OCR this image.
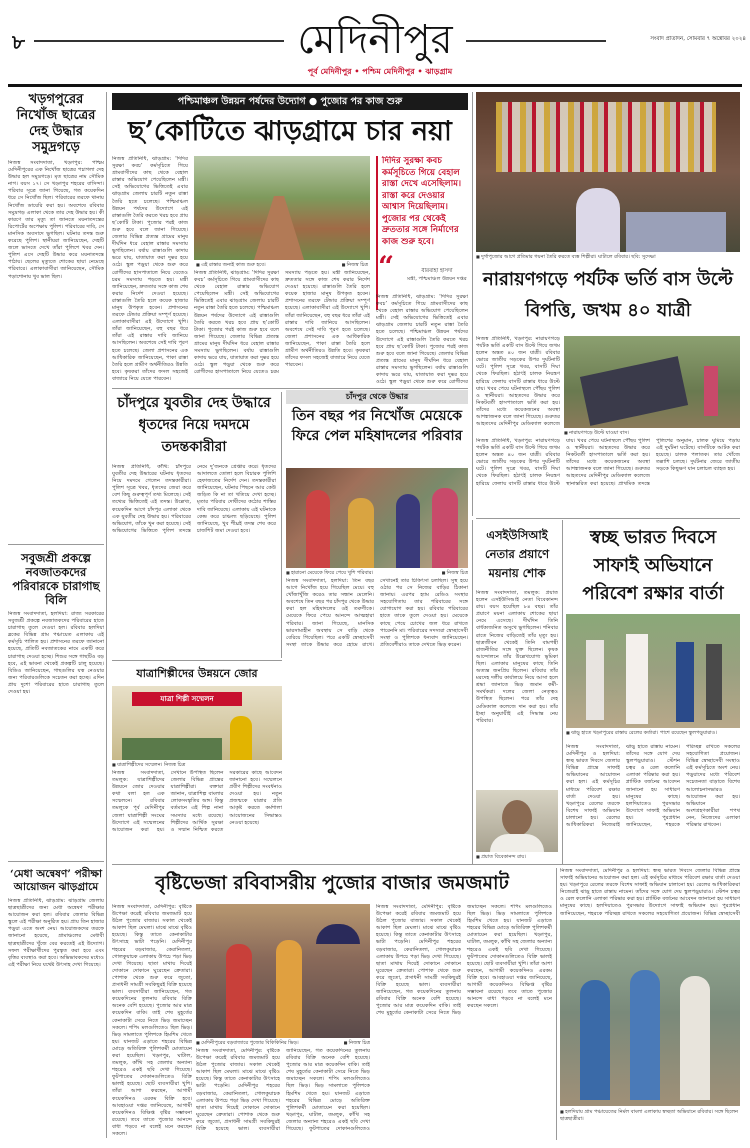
৮	মেদিনীপুর	সংবাদ প্রতিদিন, সোমবার ৭ অক্টোবর ২০২৪
পূর্ব মেদিনীপুর • পশ্চিম মেদিনীপুর • ঝাড়গ্রাম
খড়গপুরের নিখোঁজ ছাত্রের দেহ উদ্ধার সমুদ্রগড়ে
নিজস্ব সংবাদদাতা, খড়্গপুর: পশ্চিম মেদিনীপুরের এক নিখোঁজ ছাত্রের পচাগলা দেহ উদ্ধার হল সমুদ্রগড়ে। মৃত ছাত্রের নাম সৌমিক নাগ। বয়স ১৭। সে খড়্গপুর শহরের বাসিন্দা। পরিবার সূত্রে জানা গিয়েছে, গত কয়েকদিন ধরে সে নিখোঁজ ছিল। পরিবারের তরফে থানায় নিখোঁজ ডায়েরি করা হয়। অবশেষে রবিবার সমুদ্রগড় এলাকা থেকে তার দেহ উদ্ধার হয়। কী কারণে তার মৃত্যু তা জানতে ময়নাতদন্তের রিপোর্টের অপেক্ষায় পুলিশ। পরিবারের দাবি, সে মানসিক অবসাদে ভুগছিল। ঘটনার তদন্ত শুরু করেছে পুলিশ। স্থানীয়রা জানিয়েছেন, দেহটি জলে ভাসতে দেখে তাঁরা পুলিশে খবর দেন। পুলিশ এসে দেহটি উদ্ধার করে ময়নাতদন্তে পাঠায়। ছেলের মৃত্যুতে শোকের ছায়া নেমেছে পরিবারে। এলাকাবাসীরা জানিয়েছেন, সৌমিক পড়াশোনায় খুব ভাল ছিল।
সবুজশ্রী প্রকল্পে নবজাতকদের পরিবারকে চারাগাছ বিলি
নিজস্ব সংবাদদাতা, হলদিয়া: রাজ্য সরকারের সবুজশ্রী প্রকল্পে নবজাতকদের পরিবারের হাতে চারাগাছ তুলে দেওয়া হল। রবিবার হলদিয়া ব্লকের বিভিন্ন গ্রাম পঞ্চায়েত এলাকায় এই কর্মসূচি পালিত হয়। প্রশাসনের তরফে জানানো হয়েছে, প্রতিটি নবজাতকের নামে একটি করে চারাগাছ দেওয়া হচ্ছে। শিশুর সঙ্গে গাছটিও বড় হবে, এই ভাবনা থেকেই প্রকল্পটি চালু হয়েছে। বিডিও জানিয়েছেন, গাছগুলির যত্ন নেওয়ার জন্য পরিবারগুলিকে সচেতন করা হচ্ছে। এদিন প্রায় দুশো পরিবারের হাতে চারাগাছ তুলে দেওয়া হয়।
‘মেধা অন্বেষণ’ পরীক্ষা আয়োজন ঝাড়গ্রামে
নিজস্ব প্রতিনিধি, ঝাড়গ্রাম: ঝাড়গ্রাম জেলায় ছাত্রছাত্রীদের জন্য মেধা অন্বেষণ পরীক্ষার আয়োজন করা হল। রবিবার জেলার বিভিন্ন স্কুলে এই পরীক্ষা অনুষ্ঠিত হয়। প্রায় তিন হাজার পড়ুয়া এতে অংশ নেয়। আয়োজকদের তরফে জানানো হয়েছে, গ্রামাঞ্চলের মেধাবী ছাত্রছাত্রীদের খুঁজে বের করতেই এই উদ্যোগ। সফল পরীক্ষার্থীদের পুরস্কৃত করা হবে এবং বৃত্তির ব্যবস্থাও করা হবে। অভিভাবকদের মধ্যেও এই পরীক্ষা নিয়ে যথেষ্ট উৎসাহ দেখা গিয়েছে।
পশ্চিমাঞ্চল উন্নয়ন পর্ষদের উদ্যোগ ● পুজোর পর কাজ শুরু
ছ’কোটিতে ঝাড়গ্রামে চার নয়া
নিজস্ব প্রতিনিধি, ঝাড়গ্রাম: ‘দিদির সুরক্ষা কবচ’ কর্মসূচিতে গিয়ে গ্রামবাসীদের কাছ থেকে বেহাল রাস্তার অভিযোগ পেয়েছিলেন মন্ত্রী। সেই অভিযোগের ভিত্তিতেই এবার ঝাড়গ্রাম জেলায় চারটি নতুন রাস্তা তৈরি হতে চলেছে। পশ্চিমাঞ্চল উন্নয়ন পর্ষদের উদ্যোগে এই রাস্তাগুলি তৈরি করতে খরচ হবে প্রায় ছ’কোটি টাকা। পুজোর পরই কাজ শুরু হবে বলে জানা গিয়েছে। জেলার বিভিন্ন প্রত্যন্ত গ্রামের মানুষ দীর্ঘদিন ধরে বেহাল রাস্তার সমস্যায় ভুগছিলেন। বর্ষায় রাস্তাগুলি কাদায় ভরে যায়, যাতায়াত করা দুষ্কর হয়ে ওঠে। স্কুল পড়ুয়া থেকে শুরু করে রোগীদের হাসপাতালে নিয়ে যেতেও চরম সমস্যায় পড়তে হয়। মন্ত্রী জানিয়েছেন, দ্রুততার সঙ্গে কাজ শেষ করার নির্দেশ দেওয়া হয়েছে। রাস্তাগুলি তৈরি হলে কয়েক হাজার মানুষ উপকৃত হবেন। প্রশাসনের তরফে টেন্ডার প্রক্রিয়া সম্পূর্ণ হয়েছে। এলাকাবাসীরা এই উদ্যোগে খুশি। তাঁরা জানিয়েছেন, বহু বছর ধরে তাঁরা এই রাস্তার দাবি জানিয়ে আসছিলেন। অবশেষে সেই দাবি পূরণ হতে চলেছে। জেলা প্রশাসনের এক আধিকারিক জানিয়েছেন, পাকা রাস্তা তৈরি হলে গ্রামীণ অর্থনীতিরও উন্নতি হবে। কৃষকরা তাঁদের ফসল সহজেই বাজারে নিয়ে যেতে পারবেন।
■ এই রাস্তার জন্যই কাজ শুরু হবে।	■ নিজস্ব চিত্র
নিজস্ব প্রতিনিধি, ঝাড়গ্রাম: ‘দিদির সুরক্ষা কবচ’ কর্মসূচিতে গিয়ে গ্রামবাসীদের কাছ থেকে বেহাল রাস্তার অভিযোগ পেয়েছিলেন মন্ত্রী। সেই অভিযোগের ভিত্তিতেই এবার ঝাড়গ্রাম জেলায় চারটি নতুন রাস্তা তৈরি হতে চলেছে। পশ্চিমাঞ্চল উন্নয়ন পর্ষদের উদ্যোগে এই রাস্তাগুলি তৈরি করতে খরচ হবে প্রায় ছ’কোটি টাকা। পুজোর পরই কাজ শুরু হবে বলে জানা গিয়েছে। জেলার বিভিন্ন প্রত্যন্ত গ্রামের মানুষ দীর্ঘদিন ধরে বেহাল রাস্তার সমস্যায় ভুগছিলেন। বর্ষায় রাস্তাগুলি কাদায় ভরে যায়, যাতায়াত করা দুষ্কর হয়ে ওঠে। স্কুল পড়ুয়া থেকে শুরু করে রোগীদের হাসপাতালে নিয়ে যেতেও চরম সমস্যায় পড়তে হয়। মন্ত্রী জানিয়েছেন, দ্রুততার সঙ্গে কাজ শেষ করার নির্দেশ দেওয়া হয়েছে। রাস্তাগুলি তৈরি হলে কয়েক হাজার মানুষ উপকৃত হবেন। প্রশাসনের তরফে টেন্ডার প্রক্রিয়া সম্পূর্ণ হয়েছে। এলাকাবাসীরা এই উদ্যোগে খুশি। তাঁরা জানিয়েছেন, বহু বছর ধরে তাঁরা এই রাস্তার দাবি জানিয়ে আসছিলেন। অবশেষে সেই দাবি পূরণ হতে চলেছে। জেলা প্রশাসনের এক আধিকারিক জানিয়েছেন, পাকা রাস্তা তৈরি হলে গ্রামীণ অর্থনীতিরও উন্নতি হবে। কৃষকরা তাঁদের ফসল সহজেই বাজারে নিয়ে যেতে পারবেন।
দিদির সুরক্ষা কবচ কর্মসূচিতে গিয়ে বেহাল রাস্তা দেখে এসেছিলাম। রাস্তা করে দেওয়ার আশ্বাস দিয়েছিলাম। পুজোর পর থেকেই দ্রুততার সঙ্গে নির্মাণের কাজ শুরু হবে।
“	বীরবাহা হাঁসদা
মন্ত্রী, পশ্চিমাঞ্চল উন্নয়ন দপ্তর
নিজস্ব প্রতিনিধি, ঝাড়গ্রাম: ‘দিদির সুরক্ষা কবচ’ কর্মসূচিতে গিয়ে গ্রামবাসীদের কাছ থেকে বেহাল রাস্তার অভিযোগ পেয়েছিলেন মন্ত্রী। সেই অভিযোগের ভিত্তিতেই এবার ঝাড়গ্রাম জেলায় চারটি নতুন রাস্তা তৈরি হতে চলেছে। পশ্চিমাঞ্চল উন্নয়ন পর্ষদের উদ্যোগে এই রাস্তাগুলি তৈরি করতে খরচ হবে প্রায় ছ’কোটি টাকা। পুজোর পরই কাজ শুরু হবে বলে জানা গিয়েছে। জেলার বিভিন্ন প্রত্যন্ত গ্রামের মানুষ দীর্ঘদিন ধরে বেহাল রাস্তার সমস্যায় ভুগছিলেন। বর্ষায় রাস্তাগুলি কাদায় ভরে যায়, যাতায়াত করা দুষ্কর হয়ে ওঠে। স্কুল পড়ুয়া থেকে শুরু করে রোগীদের
চাঁদপুরে যুবতীর দেহ উদ্ধারে ধৃতদের নিয়ে দমদমে তদন্তকারীরা
নিজস্ব প্রতিনিধি, কাঁথি: চাঁদপুরে যুবতীর দেহ উদ্ধারের ঘটনায় ধৃতদের নিয়ে দমদমে গেলেন তদন্তকারীরা। পুলিশ সূত্রে খবর, ধৃতদের জেরা করে বেশ কিছু গুরুত্বপূর্ণ তথ্য মিলেছে। সেই তথ্যের ভিত্তিতেই এই তদন্ত। উল্লেখ্য, কয়েকদিন আগে চাঁদপুর এলাকা থেকে এক যুবতীর দেহ উদ্ধার হয়। পরিবারের অভিযোগ, তাঁকে খুন করা হয়েছে। সেই অভিযোগের ভিত্তিতে পুলিশ তদন্তে নেমে দু’জনকে গ্রেপ্তার করে। ধৃতদের আদালতে তোলা হলে বিচারক পুলিশি হেফাজতের নির্দেশ দেন। তদন্তকারীরা জানিয়েছেন, ঘটনার পিছনে আর কেউ জড়িত কি না তা খতিয়ে দেখা হচ্ছে। মৃতার পরিবার দোষীদের কঠোর শাস্তির দাবি জানিয়েছে। এলাকায় এই ঘটনাকে কেন্দ্র করে চাঞ্চল্য ছড়িয়েছে। পুলিশ জানিয়েছে, খুব শীঘ্রই তদন্ত শেষ করে চার্জশিট জমা দেওয়া হবে।
চাঁদপুর থেকে উদ্ধার
তিন বছর পর নিখোঁজ মেয়েকে ফিরে পেল মহিষাদলের পরিবার
■ হারানো মেয়েকে ফিরে পেয়ে খুশি পরিবার।	■ নিজস্ব চিত্র
নিজস্ব সংবাদদাতা, হলদিয়া: তিন বছর আগে নিখোঁজ হয়ে গিয়েছিল মেয়ে। বহু খোঁজাখুঁজি করেও তার সন্ধান মেলেনি। অবশেষে তিন বছর পর চাঁদপুর থেকে উদ্ধার করা হল মহিষাদলের ওই তরুণীকে। মেয়েকে ফিরে পেয়ে আনন্দে আত্মহারা পরিবার। জানা গিয়েছে, মানসিক ভারসাম্যহীন অবস্থায় সে বাড়ি থেকে বেরিয়ে গিয়েছিল। পরে একটি স্বেচ্ছাসেবী সংস্থা তাকে উদ্ধার করে হোমে রাখে। সেখানেই তার চিকিৎসা চলছিল। সুস্থ হয়ে ওঠার পর সে নিজের বাড়ির ঠিকানা জানায়। এরপর হ্যাম রেডিও সংস্থার সহযোগিতায় তার পরিবারের সঙ্গে যোগাযোগ করা হয়। রবিবার পরিবারের হাতে তাকে তুলে দেওয়া হয়। মেয়েকে কাছে পেয়ে চোখের জল ধরে রাখতে পারেননি মা। পরিবারের সদস্যরা স্বেচ্ছাসেবী সংস্থা ও পুলিশকে ধন্যবাদ জানিয়েছেন। প্রতিবেশীরাও তাকে দেখতে ভিড় করেন।
যাত্রাশিল্পীদের উন্নয়নে জোর
যাত্রা শিল্পী সম্মেলন
■ যাত্রাশিল্পীদের সম্মেলন। নিজস্ব চিত্র
নিজস্ব সংবাদদাতা, তমলুক: যাত্রাশিল্পীদের উন্নয়নে জোর দেওয়ার কথা বলা হল এক সম্মেলনে। রবিবার তমলুকে পূর্ব মেদিনীপুর জেলা যাত্রাশিল্পী সংঘের উদ্যোগে এই সম্মেলনের আয়োজন করা হয়। সেখানে উপস্থিত ছিলেন জেলার বিভিন্ন প্রান্তের যাত্রাশিল্পীরা। বক্তারা জানান, যাত্রাশিল্প বাংলার লোকসংস্কৃতির অঙ্গ। কিন্তু বর্তমানে এই শিল্প নানা সমস্যার মধ্যে রয়েছে। শিল্পীদের আর্থিক সুরক্ষা ও সম্মান নিশ্চিত করতে সরকারের কাছে আবেদন জানানো হবে। সম্মেলনে প্রবীণ শিল্পীদের সংবর্ধনাও দেওয়া হয়। নতুন প্রজন্মকে যাত্রার প্রতি আকৃষ্ট করতে কর্মশালা আয়োজনের সিদ্ধান্তও নেওয়া হয়েছে।
এসইউসিআই নেতার প্রয়াণে ময়নায় শোক
নিজস্ব সংবাদদাতা, তমলুক: প্রয়াত হলেন এসইউসিআই নেতা বিবেকানন্দ রায়। বয়স হয়েছিল ৮৪ বছর। তাঁর প্রয়াণে ময়না এলাকায় শোকের ছায়া নেমে এসেছে। দীর্ঘদিন তিনি বার্ধক্যজনিত অসুখে ভুগছিলেন। শনিবার রাতে নিজের বাড়িতেই তাঁর মৃত্যু হয়। ছাত্রজীবন থেকেই তিনি বামপন্থী রাজনীতির সঙ্গে যুক্ত ছিলেন। কৃষক আন্দোলনে তাঁর উল্লেখযোগ্য ভূমিকা ছিল। এলাকার মানুষের কাছে তিনি অত্যন্ত জনপ্রিয় ছিলেন। রবিবার তাঁর মরদেহ দলীয় কার্যালয়ে নিয়ে আসা হলে শ্রদ্ধা জানাতে ভিড় জমান কর্মী-সমর্থকরা। দলের জেলা নেতৃত্বও উপস্থিত ছিলেন। পরে তাঁর দেহ মেডিক্যাল কলেজে দান করা হয়। তাঁর ইচ্ছা অনুযায়ীই এই সিদ্ধান্ত নেয় পরিবার।
■ প্রয়াত বিবেকানন্দ রায়।
■ দুর্গাপুজোর আগে প্রতিমার গয়না তৈরি করতে ব্যস্ত শিল্পীরা। ঘাটালে রবিবার। ছবি: সুদেষ্ণা
নারায়ণগড়ে পর্যটক ভর্তি বাস উল্টে বিপত্তি, জখম ৪০ যাত্রী
নিজস্ব প্রতিনিধি, খড়্গপুর: নারায়ণগড়ে পর্যটক ভর্তি একটি বাস উল্টে গিয়ে জখম হলেন অন্তত ৪০ জন যাত্রী। রবিবার ভোরে জাতীয় সড়কের উপর দুর্ঘটনাটি ঘটে। পুলিশ সূত্রে খবর, বাসটি দিঘা থেকে ফিরছিল। হঠাৎই চালক নিয়ন্ত্রণ হারিয়ে ফেলায় বাসটি রাস্তার ধারে উল্টে যায়। খবর পেয়ে ঘটনাস্থলে পৌঁছয় পুলিশ ও স্থানীয়রা। আহতদের উদ্ধার করে নিকটবর্তী হাসপাতালে ভর্তি করা হয়। তাঁদের মধ্যে কয়েকজনের অবস্থা আশঙ্কাজনক বলে জানা গিয়েছে। গুরুতর আহতদের মেদিনীপুর মেডিক্যাল কলেজে
■ নারায়ণগড়ে উল্টে যাওয়া বাস।
নিজস্ব প্রতিনিধি, খড়্গপুর: নারায়ণগড়ে পর্যটক ভর্তি একটি বাস উল্টে গিয়ে জখম হলেন অন্তত ৪০ জন যাত্রী। রবিবার ভোরে জাতীয় সড়কের উপর দুর্ঘটনাটি ঘটে। পুলিশ সূত্রে খবর, বাসটি দিঘা থেকে ফিরছিল। হঠাৎই চালক নিয়ন্ত্রণ হারিয়ে ফেলায় বাসটি রাস্তার ধারে উল্টে যায়। খবর পেয়ে ঘটনাস্থলে পৌঁছয় পুলিশ ও স্থানীয়রা। আহতদের উদ্ধার করে নিকটবর্তী হাসপাতালে ভর্তি করা হয়। তাঁদের মধ্যে কয়েকজনের অবস্থা আশঙ্কাজনক বলে জানা গিয়েছে। গুরুতর আহতদের মেদিনীপুর মেডিক্যাল কলেজে স্থানান্তরিত করা হয়েছে। প্রাথমিক তদন্তে পুলিশের অনুমান, চালক ঘুমিয়ে পড়ায় এই দুর্ঘটনা ঘটেছে। বাসটিকে আটক করা হয়েছে। চালক পলাতক। তার খোঁজে তল্লাশি চলছে। দুর্ঘটনার জেরে জাতীয় সড়কে কিছুক্ষণ যান চলাচল ব্যাহত হয়।
স্বচ্ছ ভারত দিবসে সাফাই অভিযানে পরিবেশ রক্ষার বার্তা
■ ঝাড়ু হাতে খড়্গপুরের রাস্তায় রেলের কর্তারা। পাশে রয়েছেন স্কুলপড়ুয়ারাও।
নিজস্ব সংবাদদাতা, মেদিনীপুর ও হলদিয়া: স্বচ্ছ ভারত দিবসে জেলার বিভিন্ন প্রান্তে সাফাই অভিযানের আয়োজন করা হল। এই কর্মসূচির মাধ্যমে পরিবেশ রক্ষার বার্তা দেওয়া হয়। খড়্গপুরে রেলের তরফে বিশেষ সাফাই অভিযান চালানো হয়। রেলের আধিকারিকরা নিজেরাই ঝাড়ু হাতে রাস্তায় নামেন। তাঁদের সঙ্গে যোগ দেয় স্কুলপড়ুয়ারাও। স্টেশন চত্বর ও রেল কলোনি এলাকা পরিষ্কার করা হয়। প্লাস্টিক বর্জনের আবেদন জানানো হয় সাধারণ মানুষের কাছে। হলদিয়াতেও পুরসভার উদ্যোগে সাফাই অভিযান হয়। পুরপ্রধান জানিয়েছেন, শহরকে পরিচ্ছন্ন রাখতে সকলের সহযোগিতা প্রয়োজন। বিভিন্ন স্বেচ্ছাসেবী সংস্থাও এই কর্মসূচিতে অংশ নেয়। পড়ুয়াদের মধ্যে পরিবেশ সচেতনতা বাড়াতে বিশেষ আলোচনাসভারও আয়োজন করা হয়। অভিযানে অংশগ্রহণকারীরা শপথ নেন, নিজেদের এলাকা পরিষ্কার রাখবেন।
বৃষ্টিভেজা রবিবাসরীয় পুজোর বাজার জমজমাট
নিজস্ব সংবাদদাতা, মেদিনীপুর: বৃষ্টিকে উপেক্ষা করেই রবিবার জমজমাট হয়ে উঠল পুজোর বাজার। সকাল থেকেই আকাশ ছিল মেঘলা। মাঝে মাঝে বৃষ্টিও হয়েছে। কিন্তু তাতে কেনাকাটার উৎসাহে ভাটা পড়েনি। মেদিনীপুর শহরের বড়বাজার, কেরানিতলা, গোলকুয়াচক এলাকায় উপচে পড়া ভিড় দেখা গিয়েছে। ছাতা মাথায় দিয়েই দোকানে দোকানে ঘুরেছেন ক্রেতারা। পোশাক থেকে শুরু করে জুতো, প্রসাধনী সামগ্রী সবকিছুরই বিক্রি হয়েছে ভাল। ব্যবসায়ীরা জানিয়েছেন, গত কয়েকদিনের তুলনায় রবিবার বিক্রি অনেক বেশি হয়েছে। পুজোর আর মাত্র কয়েকদিন বাকি। তাই শেষ মুহূর্তের কেনাকাটা সেরে নিতে ভিড় জমাচ্ছেন সকলে। শপিং মলগুলিতেও ছিল ভিড়। ভিড় সামলাতে পুলিশকে হিমশিম খেতে হয়। যানজট এড়াতে শহরের বিভিন্ন মোড়ে অতিরিক্ত পুলিশকর্মী মোতায়েন করা হয়েছিল। খড়্গপুর, ঘাটাল, তমলুক, কাঁথি সহ জেলার অন্যান্য শহরেও একই ছবি দেখা গিয়েছে। ফুটপাতের দোকানগুলিতেও বিক্রি ভালই হয়েছে। ছোট ব্যবসায়ীরা খুশি। তাঁরা আশা করছেন, আগামী কয়েকদিনও এরকম বিক্রি হবে। আবহাওয়া দপ্তর জানিয়েছে, আগামী কয়েকদিনও বিক্ষিপ্ত বৃষ্টির সম্ভাবনা রয়েছে। তবে তাতে পুজোর আনন্দে বাধা পড়বে না বলেই মনে করছেন সকলে।
■ মেদিনীপুরের বড়বাজারে পুজোর বিকিকিনির ভিড়।	■ নিজস্ব চিত্র
নিজস্ব সংবাদদাতা, মেদিনীপুর: বৃষ্টিকে উপেক্ষা করেই রবিবার জমজমাট হয়ে উঠল পুজোর বাজার। সকাল থেকেই আকাশ ছিল মেঘলা। মাঝে মাঝে বৃষ্টিও হয়েছে। কিন্তু তাতে কেনাকাটার উৎসাহে ভাটা পড়েনি। মেদিনীপুর শহরের বড়বাজার, কেরানিতলা, গোলকুয়াচক এলাকায় উপচে পড়া ভিড় দেখা গিয়েছে। ছাতা মাথায় দিয়েই দোকানে দোকানে ঘুরেছেন ক্রেতারা। পোশাক থেকে শুরু করে জুতো, প্রসাধনী সামগ্রী সবকিছুরই বিক্রি হয়েছে ভাল। ব্যবসায়ীরা জানিয়েছেন, গত কয়েকদিনের তুলনায় রবিবার বিক্রি অনেক বেশি হয়েছে। পুজোর আর মাত্র কয়েকদিন বাকি। তাই শেষ মুহূর্তের কেনাকাটা সেরে নিতে ভিড় জমাচ্ছেন সকলে। শপিং মলগুলিতেও ছিল ভিড়। ভিড় সামলাতে পুলিশকে হিমশিম খেতে হয়। যানজট এড়াতে শহরের বিভিন্ন মোড়ে অতিরিক্ত পুলিশকর্মী মোতায়েন করা হয়েছিল। খড়্গপুর, ঘাটাল, তমলুক, কাঁথি সহ জেলার অন্যান্য শহরেও একই ছবি দেখা গিয়েছে। ফুটপাতের দোকানগুলিতেও
নিজস্ব সংবাদদাতা, মেদিনীপুর: বৃষ্টিকে উপেক্ষা করেই রবিবার জমজমাট হয়ে উঠল পুজোর বাজার। সকাল থেকেই আকাশ ছিল মেঘলা। মাঝে মাঝে বৃষ্টিও হয়েছে। কিন্তু তাতে কেনাকাটার উৎসাহে ভাটা পড়েনি। মেদিনীপুর শহরের বড়বাজার, কেরানিতলা, গোলকুয়াচক এলাকায় উপচে পড়া ভিড় দেখা গিয়েছে। ছাতা মাথায় দিয়েই দোকানে দোকানে ঘুরেছেন ক্রেতারা। পোশাক থেকে শুরু করে জুতো, প্রসাধনী সামগ্রী সবকিছুরই বিক্রি হয়েছে ভাল। ব্যবসায়ীরা জানিয়েছেন, গত কয়েকদিনের তুলনায় রবিবার বিক্রি অনেক বেশি হয়েছে। পুজোর আর মাত্র কয়েকদিন বাকি। তাই শেষ মুহূর্তের কেনাকাটা সেরে নিতে ভিড় জমাচ্ছেন সকলে। শপিং মলগুলিতেও ছিল ভিড়। ভিড় সামলাতে পুলিশকে হিমশিম খেতে হয়। যানজট এড়াতে শহরের বিভিন্ন মোড়ে অতিরিক্ত পুলিশকর্মী মোতায়েন করা হয়েছিল। খড়্গপুর, ঘাটাল, তমলুক, কাঁথি সহ জেলার অন্যান্য শহরেও একই ছবি দেখা গিয়েছে। ফুটপাতের দোকানগুলিতেও বিক্রি ভালই হয়েছে। ছোট ব্যবসায়ীরা খুশি। তাঁরা আশা করছেন, আগামী কয়েকদিনও এরকম বিক্রি হবে। আবহাওয়া দপ্তর জানিয়েছে, আগামী কয়েকদিনও বিক্ষিপ্ত বৃষ্টির সম্ভাবনা রয়েছে। তবে তাতে পুজোর আনন্দে বাধা পড়বে না বলেই মনে করছেন সকলে।
নিজস্ব সংবাদদাতা, মেদিনীপুর ও হলদিয়া: স্বচ্ছ ভারত দিবসে জেলার বিভিন্ন প্রান্তে সাফাই অভিযানের আয়োজন করা হল। এই কর্মসূচির মাধ্যমে পরিবেশ রক্ষার বার্তা দেওয়া হয়। খড়্গপুরে রেলের তরফে বিশেষ সাফাই অভিযান চালানো হয়। রেলের আধিকারিকরা নিজেরাই ঝাড়ু হাতে রাস্তায় নামেন। তাঁদের সঙ্গে যোগ দেয় স্কুলপড়ুয়ারাও। স্টেশন চত্বর ও রেল কলোনি এলাকা পরিষ্কার করা হয়। প্লাস্টিক বর্জনের আবেদন জানানো হয় সাধারণ মানুষের কাছে। হলদিয়াতেও পুরসভার উদ্যোগে সাফাই অভিযান হয়। পুরপ্রধান জানিয়েছেন, শহরকে পরিচ্ছন্ন রাখতে সকলের সহযোগিতা প্রয়োজন। বিভিন্ন স্বেচ্ছাসেবী
■ হলদিয়ায় গ্রাম পঞ্চায়েতের নির্মল বাংলা এলাকায় স্বচ্ছতা অভিযানে রবিবার। সঙ্গে ছিলেন ছাত্রছাত্রীরা।
